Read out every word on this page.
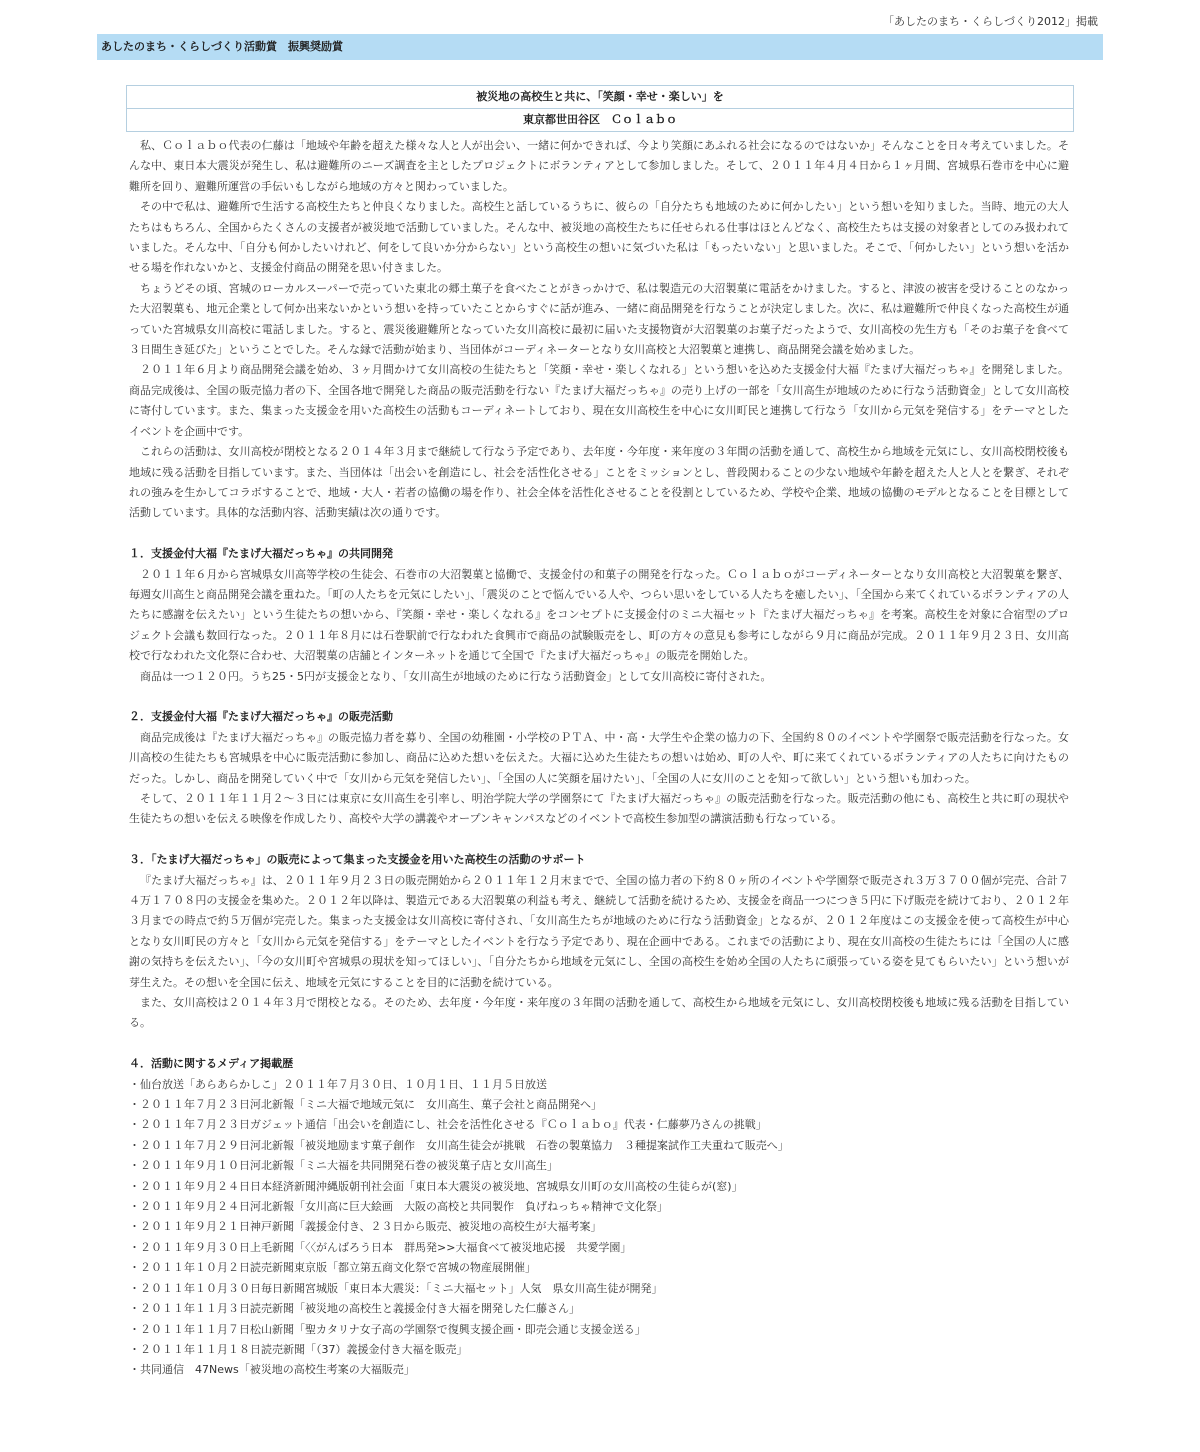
「あしたのまち・くらしづくり2012」掲載
あしたのまち・くらしづくり活動賞　振興奨励賞
被災地の高校生と共に、「笑顔・幸せ・楽しい」を
東京都世田谷区　Ｃｏｌａｂｏ

私、Ｃｏｌａｂｏ代表の仁藤は「地域や年齢を超えた様々な人と人が出会い、一緒に何かできれば、今より笑顔にあふれる社会になるのではないか」そんなことを日々考えていました。そんな中、東日本大震災が発生し、私は避難所のニーズ調査を主としたプロジェクトにボランティアとして参加しました。そして、２０１１年４月４日から１ヶ月間、宮城県石巻市を中心に避難所を回り、避難所運営の手伝いもしながら地域の方々と関わっていました。

その中で私は、避難所で生活する高校生たちと仲良くなりました。高校生と話しているうちに、彼らの「自分たちも地域のために何かしたい」という想いを知りました。当時、地元の大人たちはもちろん、全国からたくさんの支援者が被災地で活動していました。そんな中、被災地の高校生たちに任せられる仕事はほとんどなく、高校生たちは支援の対象者としてのみ扱われていました。そんな中、「自分も何かしたいけれど、何をして良いか分からない」という高校生の想いに気づいた私は「もったいない」と思いました。そこで、「何かしたい」という想いを活かせる場を作れないかと、支援金付商品の開発を思い付きました。

ちょうどその頃、宮城のローカルスーパーで売っていた東北の郷土菓子を食べたことがきっかけで、私は製造元の大沼製菓に電話をかけました。すると、津波の被害を受けることのなかった大沼製菓も、地元企業として何か出来ないかという想いを持っていたことからすぐに話が進み、一緒に商品開発を行なうことが決定しました。次に、私は避難所で仲良くなった高校生が通っていた宮城県女川高校に電話しました。すると、震災後避難所となっていた女川高校に最初に届いた支援物資が大沼製菓のお菓子だったようで、女川高校の先生方も「そのお菓子を食べて３日間生き延びた」ということでした。そんな縁で活動が始まり、当団体がコーディネーターとなり女川高校と大沼製菓と連携し、商品開発会議を始めました。

２０１１年６月より商品開発会議を始め、３ヶ月間かけて女川高校の生徒たちと「笑顔・幸せ・楽しくなれる」という想いを込めた支援金付大福『たまげ大福だっちゃ』を開発しました。商品完成後は、全国の販売協力者の下、全国各地で開発した商品の販売活動を行ない『たまげ大福だっちゃ』の売り上げの一部を「女川高生が地域のために行なう活動資金」として女川高校に寄付しています。また、集まった支援金を用いた高校生の活動もコーディネートしており、現在女川高校生を中心に女川町民と連携して行なう「女川から元気を発信する」をテーマとしたイベントを企画中です。

これらの活動は、女川高校が閉校となる２０１４年３月まで継続して行なう予定であり、去年度・今年度・来年度の３年間の活動を通して、高校生から地域を元気にし、女川高校閉校後も地域に残る活動を目指しています。また、当団体は「出会いを創造にし、社会を活性化させる」ことをミッションとし、普段関わることの少ない地域や年齢を超えた人と人とを繋ぎ、それぞれの強みを生かしてコラボすることで、地域・大人・若者の協働の場を作り、社会全体を活性化させることを役割としているため、学校や企業、地域の協働のモデルとなることを目標として活動しています。具体的な活動内容、活動実績は次の通りです。

１．支援金付大福『たまげ大福だっちゃ』の共同開発

２０１１年６月から宮城県女川高等学校の生徒会、石巻市の大沼製菓と協働で、支援金付の和菓子の開発を行なった。Ｃｏｌａｂｏがコーディネーターとなり女川高校と大沼製菓を繋ぎ、毎週女川高生と商品開発会議を重ねた。「町の人たちを元気にしたい」、「震災のことで悩んでいる人や、つらい思いをしている人たちを癒したい」、「全国から来てくれているボランティアの人たちに感謝を伝えたい」という生徒たちの想いから、『笑顔・幸せ・楽しくなれる』をコンセプトに支援金付のミニ大福セット『たまげ大福だっちゃ』を考案。高校生を対象に合宿型のプロジェクト会議も数回行なった。２０１１年８月には石巻駅前で行なわれた食興市で商品の試験販売をし、町の方々の意見も参考にしながら９月に商品が完成。２０１１年９月２３日、女川高校で行なわれた文化祭に合わせ、大沼製菓の店舗とインターネットを通じて全国で『たまげ大福だっちゃ』の販売を開始した。

商品は一つ１２０円。うち25・5円が支援金となり、「女川高生が地域のために行なう活動資金」として女川高校に寄付された。

２．支援金付大福『たまげ大福だっちゃ』の販売活動

商品完成後は『たまげ大福だっちゃ』の販売協力者を募り、全国の幼稚園・小学校のＰＴＡ、中・高・大学生や企業の協力の下、全国約８０のイベントや学園祭で販売活動を行なった。女川高校の生徒たちも宮城県を中心に販売活動に参加し、商品に込めた想いを伝えた。大福に込めた生徒たちの想いは始め、町の人や、町に来てくれているボランティアの人たちに向けたものだった。しかし、商品を開発していく中で「女川から元気を発信したい」、「全国の人に笑顔を届けたい」、「全国の人に女川のことを知って欲しい」という想いも加わった。

そして、２０１１年１１月２〜３日には東京に女川高生を引率し、明治学院大学の学園祭にて『たまげ大福だっちゃ』の販売活動を行なった。販売活動の他にも、高校生と共に町の現状や生徒たちの想いを伝える映像を作成したり、高校や大学の講義やオープンキャンパスなどのイベントで高校生参加型の講演活動も行なっている。

３．「たまげ大福だっちゃ」の販売によって集まった支援金を用いた高校生の活動のサポート

『たまげ大福だっちゃ』は、２０１１年９月２３日の販売開始から２０１１年１２月末までで、全国の協力者の下約８０ヶ所のイベントや学園祭で販売され３万３７００個が完売、合計７４万１７０８円の支援金を集めた。２０１２年以降は、製造元である大沼製菓の利益も考え、継続して活動を続けるため、支援金を商品一つにつき５円に下げ販売を続けており、２０１２年３月までの時点で約５万個が完売した。集まった支援金は女川高校に寄付され、「女川高生たちが地域のために行なう活動資金」となるが、２０１２年度はこの支援金を使って高校生が中心となり女川町民の方々と「女川から元気を発信する」をテーマとしたイベントを行なう予定であり、現在企画中である。これまでの活動により、現在女川高校の生徒たちには「全国の人に感謝の気持ちを伝えたい」、「今の女川町や宮城県の現状を知ってほしい」、「自分たちから地域を元気にし、全国の高校生を始め全国の人たちに頑張っている姿を見てもらいたい」という想いが芽生えた。その想いを全国に伝え、地域を元気にすることを目的に活動を続けている。

また、女川高校は２０１４年３月で閉校となる。そのため、去年度・今年度・来年度の３年間の活動を通して、高校生から地域を元気にし、女川高校閉校後も地域に残る活動を目指している。

４．活動に関するメディア掲載歴
・仙台放送「あらあらかしこ」２０１１年７月３０日、１０月１日、１１月５日放送
・２０１１年７月２３日河北新報「ミニ大福で地域元気に　女川高生、菓子会社と商品開発へ」
・２０１１年７月２３日ガジェット通信「出会いを創造にし、社会を活性化させる『Ｃｏｌａｂｏ』代表・仁藤夢乃さんの挑戦」
・２０１１年７月２９日河北新報「被災地励ます菓子創作　女川高生徒会が挑戦　石巻の製菓協力　３種提案試作工夫重ねて販売へ」
・２０１１年９月１０日河北新報「ミニ大福を共同開発石巻の被災菓子店と女川高生」
・２０１１年９月２４日日本経済新聞沖縄版朝刊社会面「東日本大震災の被災地、宮城県女川町の女川高校の生徒らが(窓)」
・２０１１年９月２４日河北新報「女川高に巨大絵画　大阪の高校と共同製作　負げねっちゃ精神で文化祭」
・２０１１年９月２１日神戸新聞「義援金付き、２３日から販売、被災地の高校生が大福考案」
・２０１１年９月３０日上毛新聞「〈〈がんばろう日本　群馬発>>大福食べて被災地応援　共愛学園」
・２０１１年１０月２日読売新聞東京版「都立第五商文化祭で宮城の物産展開催」
・２０１１年１０月３０日毎日新聞宮城版「東日本大震災：「ミニ大福セット」人気　県女川高生徒が開発」
・２０１１年１１月３日読売新聞「被災地の高校生と義援金付き大福を開発した仁藤さん」
・２０１１年１１月７日松山新聞「聖カタリナ女子高の学園祭で復興支援企画・即売会通じ支援金送る」
・２０１１年１１月１８日読売新聞「（37）義援金付き大福を販売」
・共同通信　47News「被災地の高校生考案の大福販売」
